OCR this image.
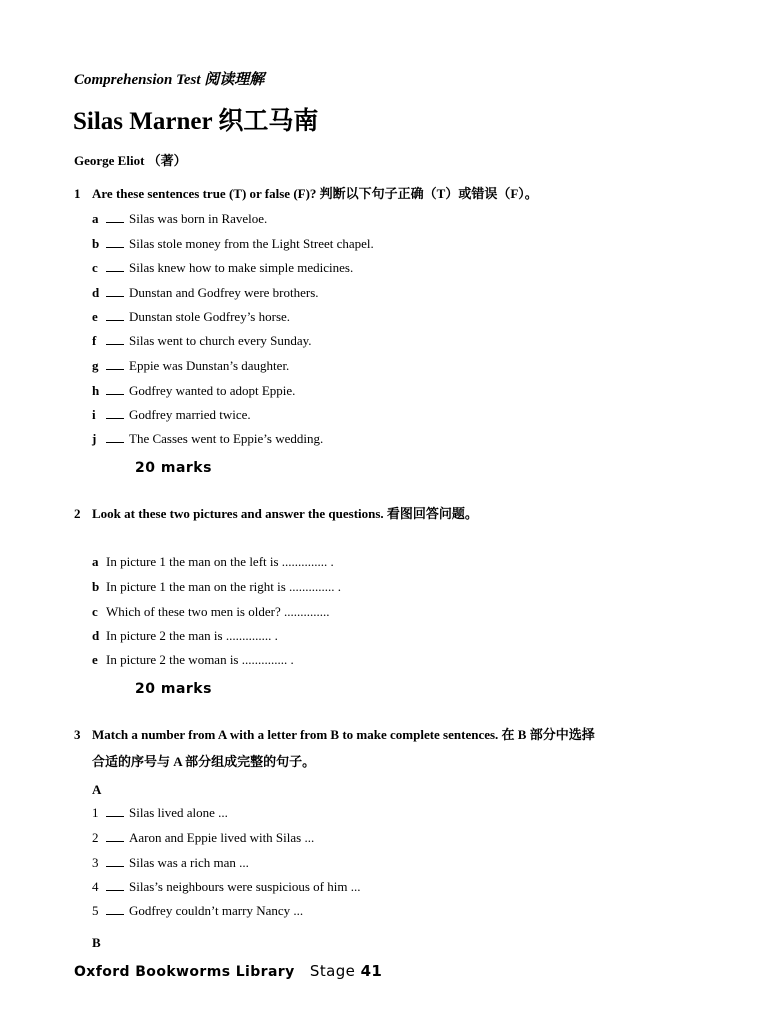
Comprehension Test 阅读理解
Silas Marner 织工马南
George Eliot （著）
1 Are these sentences true (T) or false (F)? 判断以下句子正确（T）或错误（F）。
a Silas was born in Raveloe.
b Silas stole money from the Light Street chapel.
c Silas knew how to make simple medicines.
d Dunstan and Godfrey were brothers.
e Dunstan stole Godfrey’s horse.
f	Silas went to church every Sunday.
g Eppie was Dunstan’s daughter.
h Godfrey wanted to adopt Eppie.
i	Godfrey married twice.
j	The Casses went to Eppie’s wedding.
20 marks
2 Look at these two pictures and answer the questions. 看图回答问题。
a In picture 1 the man on the left is .............. .
b In picture 1 the man on the right is .............. .
c Which of these two men is older? ..............
d In picture 2 the man is .............. .
e In picture 2 the woman is .............. .
20 marks
3 Match a number from A with a letter from B to make complete sentences. 在 B 部分中选择
合适的序号与 A 部分组成完整的句子。
A
1 Silas lived alone ...
2 Aaron and Eppie lived with Silas ...
3 Silas was a rich man ...
4 Silas’s neighbours were suspicious of him ...
5 Godfrey couldn’t marry Nancy ...
B
Oxford Bookworms Library Stage 41
